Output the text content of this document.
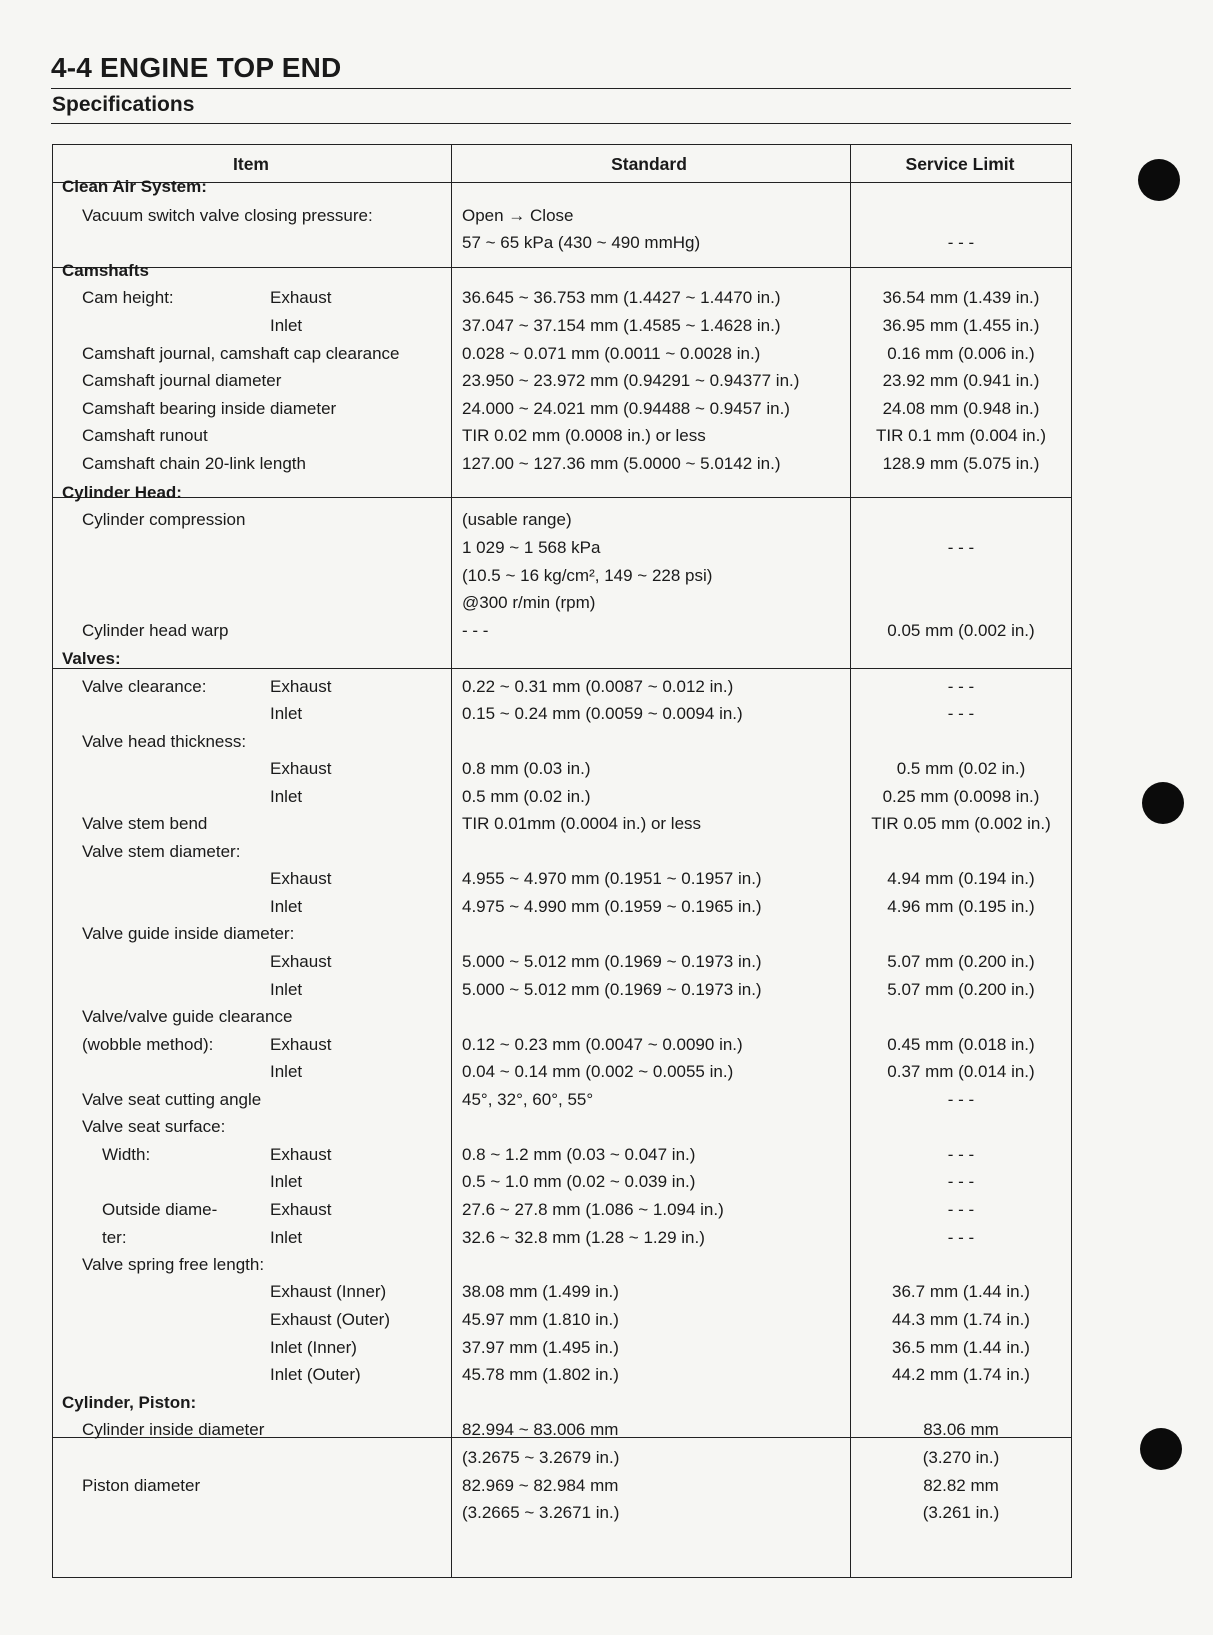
4-4 ENGINE TOP END
Specifications
Item	Standard	Service Limit
Clean Air System:
Vacuum switch valve closing pressure:	Open → Close
57 ~ 65 kPa (430 ~ 490 mmHg)	- - -
Camshafts
Cam height:	Exhaust	36.645 ~ 36.753 mm (1.4427 ~ 1.4470 in.)	36.54 mm (1.439 in.)
Inlet	37.047 ~ 37.154 mm (1.4585 ~ 1.4628 in.)	36.95 mm (1.455 in.)
Camshaft journal, camshaft cap clearance	0.028 ~ 0.071 mm (0.0011 ~ 0.0028 in.)	0.16 mm (0.006 in.)
Camshaft journal diameter	23.950 ~ 23.972 mm (0.94291 ~ 0.94377 in.)	23.92 mm (0.941 in.)
Camshaft bearing inside diameter	24.000 ~ 24.021 mm (0.94488 ~ 0.9457 in.)	24.08 mm (0.948 in.)
Camshaft runout	TIR 0.02 mm (0.0008 in.) or less	TIR 0.1 mm (0.004 in.)
Camshaft chain 20-link length	127.00 ~ 127.36 mm (5.0000 ~ 5.0142 in.)	128.9 mm (5.075 in.)
Cylinder Head:
Cylinder compression	(usable range)
1 029 ~ 1 568 kPa	- - -
(10.5 ~ 16 kg/cm², 149 ~ 228 psi)
@300 r/min (rpm)
Cylinder head warp	- - -	0.05 mm (0.002 in.)
Valves:
Valve clearance:	Exhaust	0.22 ~ 0.31 mm (0.0087 ~ 0.012 in.)	- - -
Inlet	0.15 ~ 0.24 mm (0.0059 ~ 0.0094 in.)	- - -
Valve head thickness:
Exhaust	0.8 mm (0.03 in.)	0.5 mm (0.02 in.)
Inlet	0.5 mm (0.02 in.)	0.25 mm (0.0098 in.)
Valve stem bend	TIR 0.01mm (0.0004 in.) or less	TIR 0.05 mm (0.002 in.)
Valve stem diameter:
Exhaust	4.955 ~ 4.970 mm (0.1951 ~ 0.1957 in.)	4.94 mm (0.194 in.)
Inlet	4.975 ~ 4.990 mm (0.1959 ~ 0.1965 in.)	4.96 mm (0.195 in.)
Valve guide inside diameter:
Exhaust	5.000 ~ 5.012 mm (0.1969 ~ 0.1973 in.)	5.07 mm (0.200 in.)
Inlet	5.000 ~ 5.012 mm (0.1969 ~ 0.1973 in.)	5.07 mm (0.200 in.)
Valve/valve guide clearance
(wobble method):	Exhaust	0.12 ~ 0.23 mm (0.0047 ~ 0.0090 in.)	0.45 mm (0.018 in.)
Inlet	0.04 ~ 0.14 mm (0.002 ~ 0.0055 in.)	0.37 mm (0.014 in.)
Valve seat cutting angle	45°, 32°, 60°, 55°	- - -
Valve seat surface:
Width:	Exhaust	0.8 ~ 1.2 mm (0.03 ~ 0.047 in.)	- - -
Inlet	0.5 ~ 1.0 mm (0.02 ~ 0.039 in.)	- - -
Outside diame-	Exhaust	27.6 ~ 27.8 mm (1.086 ~ 1.094 in.)	- - -
ter:	Inlet	32.6 ~ 32.8 mm (1.28 ~ 1.29 in.)	- - -
Valve spring free length:
Exhaust (Inner)	38.08 mm (1.499 in.)	36.7 mm (1.44 in.)
Exhaust (Outer)	45.97 mm (1.810 in.)	44.3 mm (1.74 in.)
Inlet (Inner)	37.97 mm (1.495 in.)	36.5 mm (1.44 in.)
Inlet (Outer)	45.78 mm (1.802 in.)	44.2 mm (1.74 in.)
Cylinder, Piston:
Cylinder inside diameter	82.994 ~ 83.006 mm	83.06 mm
(3.2675 ~ 3.2679 in.)	(3.270 in.)
Piston diameter	82.969 ~ 82.984 mm	82.82 mm
(3.2665 ~ 3.2671 in.)	(3.261 in.)
